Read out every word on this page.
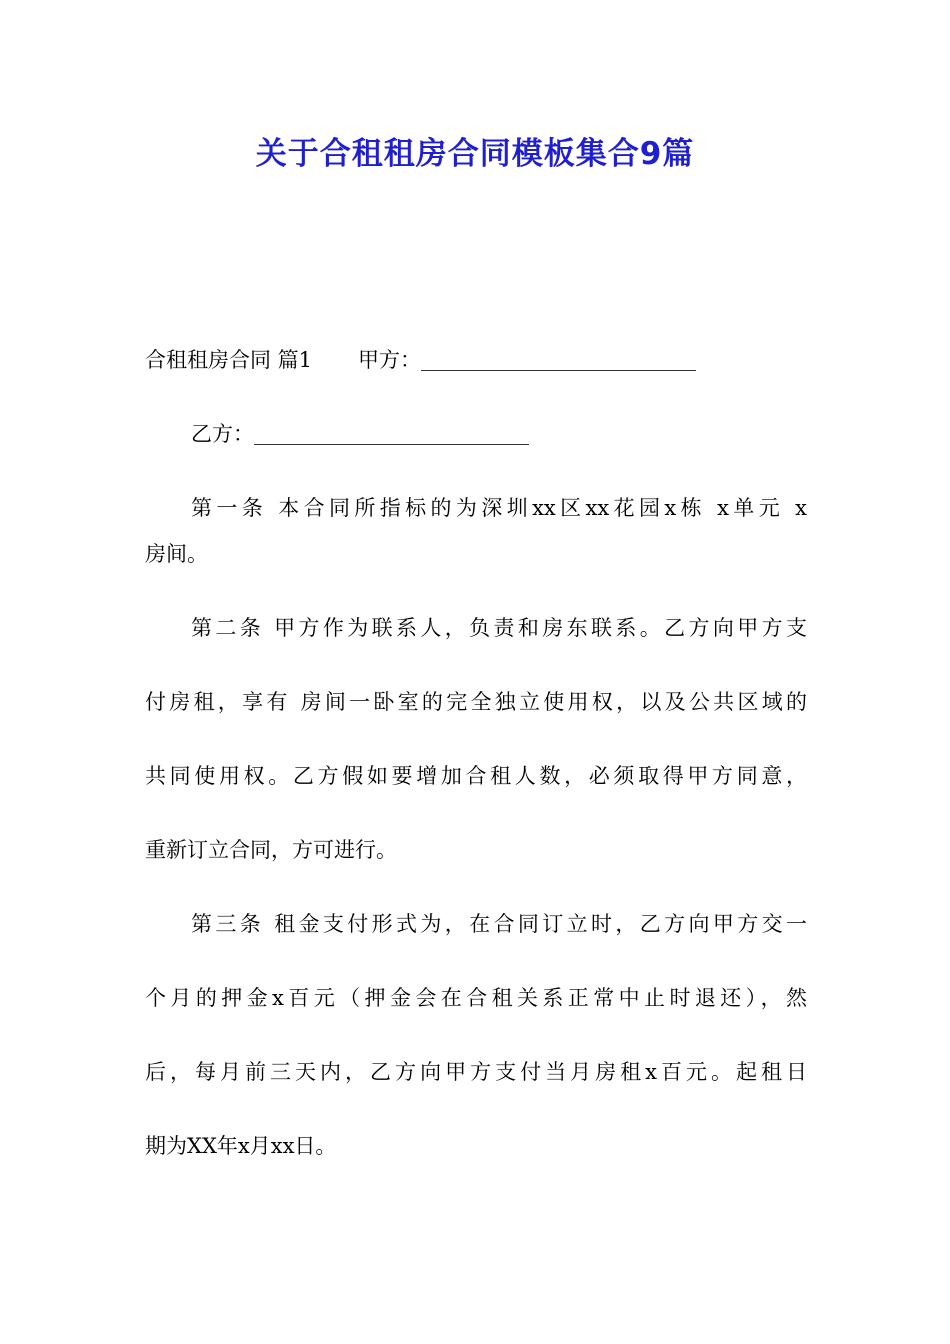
关于合租租房合同模板集合9篇
合租租房合同 篇1 甲方：
乙方：
第一条 本合同所指标的为深圳xx区xx花园x栋 x单元 x
房间。
第二条 甲方作为联系人，负责和房东联系。乙方向甲方支
付房租，享有 房间一卧室的完全独立使用权，以及公共区域的
共同使用权。乙方假如要增加合租人数，必须取得甲方同意，
重新订立合同，方可进行。
第三条 租金支付形式为，在合同订立时，乙方向甲方交一
个月的押金x百元（押金会在合租关系正常中止时退还），然
后，每月前三天内，乙方向甲方支付当月房租x百元。起租日
期为XX年x月xx日。
